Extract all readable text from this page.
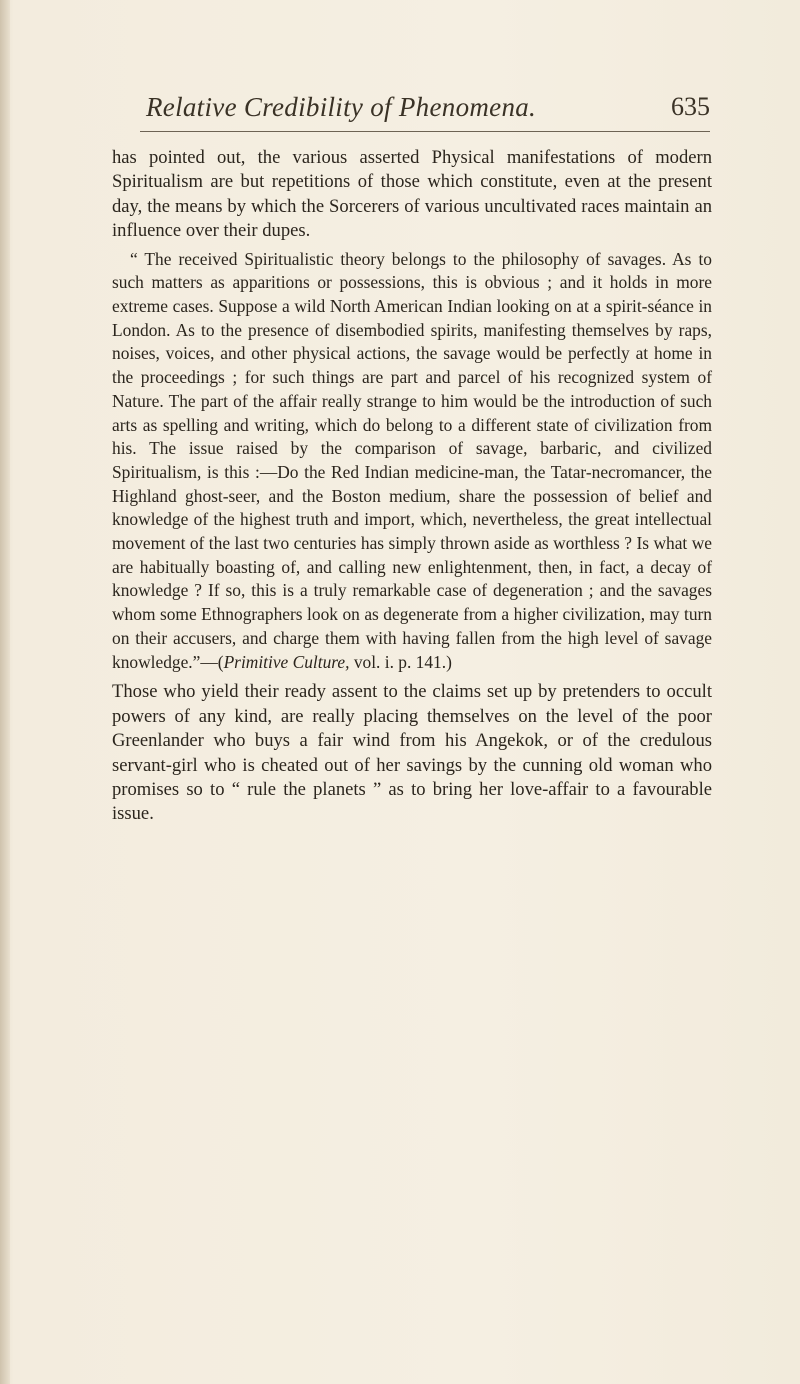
Relative Credibility of Phenomena.	635

has pointed out, the various asserted Physical manifestations of modern Spiritualism are but repetitions of those which constitute, even at the present day, the means by which the Sorcerers of various uncultivated races maintain an influence over their dupes.

“ The received Spiritualistic theory belongs to the philosophy of savages. As to such matters as apparitions or possessions, this is obvious ; and it holds in more extreme cases. Suppose a wild North American Indian looking on at a spirit-séance in London. As to the presence of disembodied spirits, manifesting themselves by raps, noises, voices, and other physical actions, the savage would be perfectly at home in the proceedings ; for such things are part and parcel of his recognized system of Nature. The part of the affair really strange to him would be the introduction of such arts as spelling and writing, which do belong to a different state of civilization from his. The issue raised by the comparison of savage, barbaric, and civilized Spiritualism, is this :—Do the Red Indian medicine-man, the Tatar-necromancer, the Highland ghost-seer, and the Boston medium, share the possession of belief and knowledge of the highest truth and import, which, nevertheless, the great intellectual movement of the last two centuries has simply thrown aside as worthless ? Is what we are habitually boasting of, and calling new enlightenment, then, in fact, a decay of knowledge ? If so, this is a truly remarkable case of degeneration ; and the savages whom some Ethnographers look on as degenerate from a higher civilization, may turn on their accusers, and charge them with having fallen from the high level of savage knowledge.”—(Primitive Culture, vol. i. p. 141.)

Those who yield their ready assent to the claims set up by pretenders to occult powers of any kind, are really placing themselves on the level of the poor Greenlander who buys a fair wind from his Angekok, or of the credulous servant-girl who is cheated out of her savings by the cunning old woman who promises so to “ rule the planets ” as to bring her love-affair to a favourable issue.
